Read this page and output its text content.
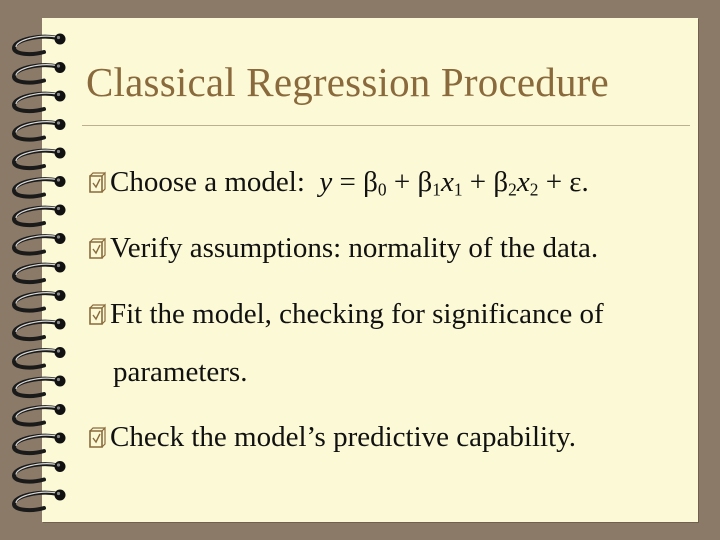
Classical Regression Procedure
Choose a model: $y = \beta_0 + \beta_1x_1 + \beta_2x_2 + \varepsilon$.
Verify assumptions: normality of the data.
Fit the model, checking for significance of
parameters.
Check the model’s predictive capability.
